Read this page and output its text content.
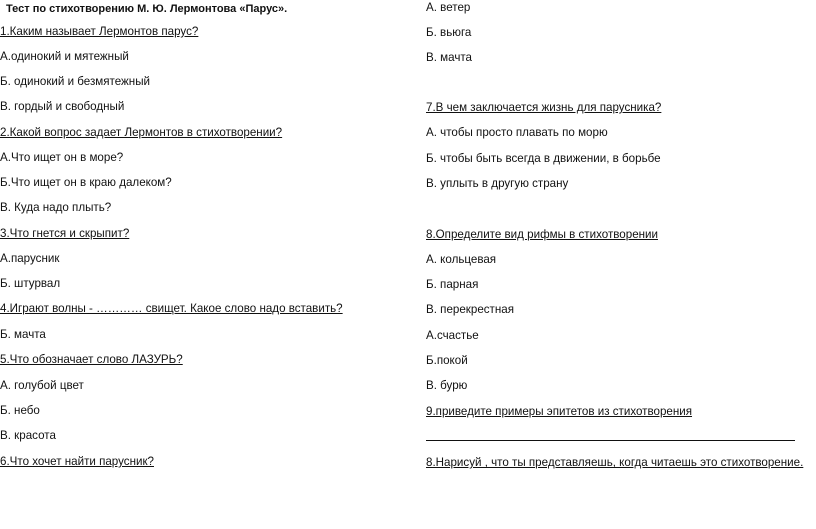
Тест по стихотворению М. Ю. Лермонтова «Парус».
1.Каким называет Лермонтов парус?
А.одинокий и мятежный
Б. одинокий и безмятежный
В. гордый и свободный
2.Какой вопрос задает Лермонтов в стихотворении?
А.Что ищет он в море?
Б.Что ищет он в краю далеком?
В. Куда надо плыть?
3.Что гнется и скрыпит?
А.парусник
Б. штурвал
4.Играют волны - ………… свищет. Какое слово надо вставить?
Б. мачта
5.Что обозначает слово ЛАЗУРЬ?
А. голубой цвет
Б. небо
В. красота
6.Что хочет найти парусник?
А. ветер
Б. вьюга
В. мачта
7.В чем заключается жизнь для парусника?
А. чтобы просто плавать по морю
Б. чтобы быть всегда в движении, в борьбе
В. уплыть в другую страну
8.Определите вид рифмы в стихотворении
А. кольцевая
Б. парная
В. перекрестная
А.счастье
Б.покой
В. бурю
9.приведите примеры эпитетов из стихотворения
8.Нарисуй , что ты представляешь, когда читаешь это стихотворение.
